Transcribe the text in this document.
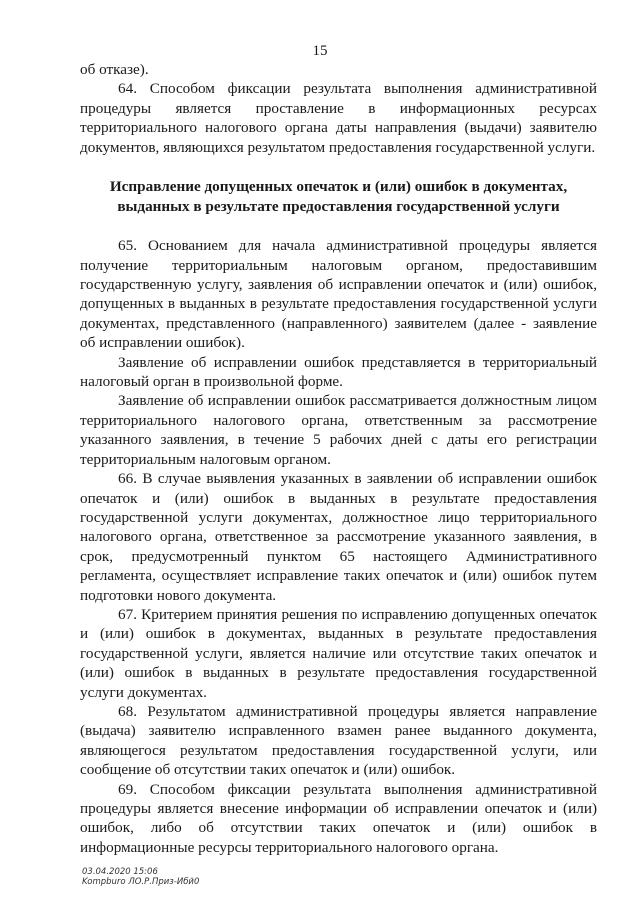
15

об отказе).

64. Способом фиксации результата выполнения административной процедуры является проставление в информационных ресурсах территориального налогового органа даты направления (выдачи) заявителю документов, являющихся результатом предоставления государственной услуги.

Исправление допущенных опечаток и (или) ошибок в документах, выданных в результате предоставления государственной услуги

65. Основанием для начала административной процедуры является получение территориальным налоговым органом, предоставившим государственную услугу, заявления об исправлении опечаток и (или) ошибок, допущенных в выданных в результате предоставления государственной услуги документах, представленного (направленного) заявителем (далее - заявление об исправлении ошибок).

Заявление об исправлении ошибок представляется в территориальный налоговый орган в произвольной форме.

Заявление об исправлении ошибок рассматривается должностным лицом территориального налогового органа, ответственным за рассмотрение указанного заявления, в течение 5 рабочих дней с даты его регистрации территориальным налоговым органом.

66. В случае выявления указанных в заявлении об исправлении ошибок опечаток и (или) ошибок в выданных в результате предоставления государственной услуги документах, должностное лицо территориального налогового органа, ответственное за рассмотрение указанного заявления, в срок, предусмотренный пунктом 65 настоящего Административного регламента, осуществляет исправление таких опечаток и (или) ошибок путем подготовки нового документа.

67. Критерием принятия решения по исправлению допущенных опечаток и (или) ошибок в документах, выданных в результате предоставления государственной услуги, является наличие или отсутствие таких опечаток и (или) ошибок в выданных в результате предоставления государственной услуги документах.

68. Результатом административной процедуры является направление (выдача) заявителю исправленного взамен ранее выданного документа, являющегося результатом предоставления государственной услуги, или сообщение об отсутствии таких опечаток и (или) ошибок.

69. Способом фиксации результата выполнения административной процедуры является внесение информации об исправлении опечаток и (или) ошибок, либо об отсутствии таких опечаток и (или) ошибок в информационные ресурсы территориального налогового органа.

03.04.2020 15:06
Kompburo ЛО.Р.Приз-Ибй0
